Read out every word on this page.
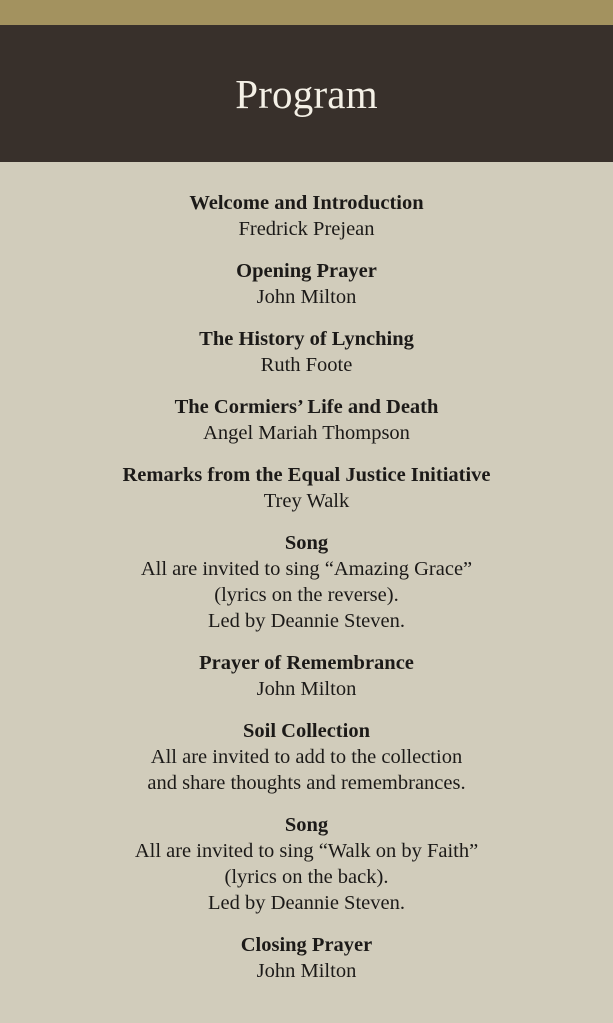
Program
Welcome and Introduction
Fredrick Prejean
Opening Prayer
John Milton
The History of Lynching
Ruth Foote
The Cormiers’ Life and Death
Angel Mariah Thompson
Remarks from the Equal Justice Initiative
Trey Walk
Song
All are invited to sing “Amazing Grace”
(lyrics on the reverse).
Led by Deannie Steven.
Prayer of Remembrance
John Milton
Soil Collection
All are invited to add to the collection
and share thoughts and remembrances.
Song
All are invited to sing “Walk on by Faith”
(lyrics on the back).
Led by Deannie Steven.
Closing Prayer
John Milton
